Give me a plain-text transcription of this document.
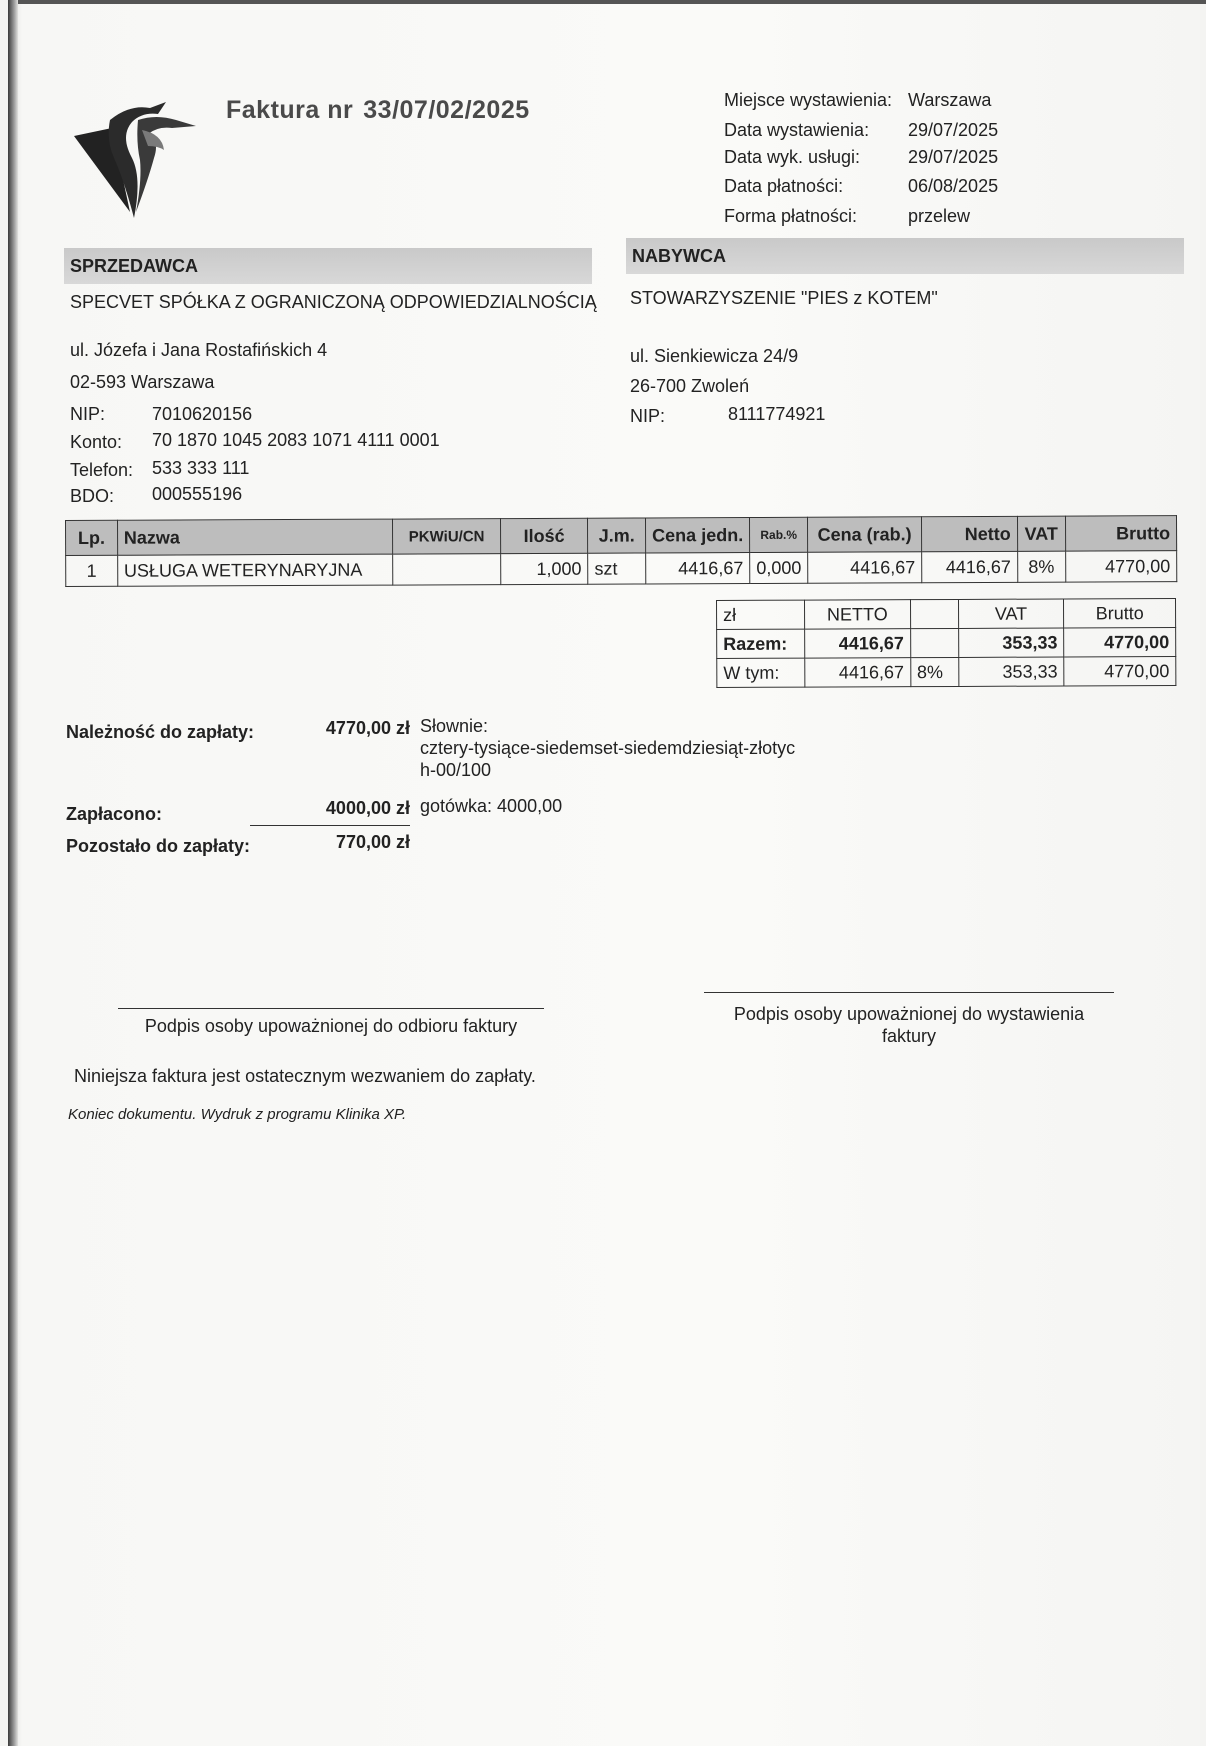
Faktura nr 33/07/02/2025	Miejsce wystawienia: Warszawa
Data wystawienia:	29/07/2025
Data wyk. usługi:	29/07/2025
Data płatności:	06/08/2025
Forma płatności:	przelew
SPRZEDAWCA
SPECVET SPÓŁKA Z OGRANICZONĄ ODPOWIEDZIALNOŚCIĄ
ul. Józefa i Jana Rostafińskich 4
02-593 Warszawa
NIP:	7010620156
Konto: 70 1870 1045 2083 1071 4111 0001
Telefon: 533 333 111
BDO: 000555196
NABYWCA
STOWARZYSZENIE "PIES z KOTEM"
ul. Sienkiewicza 24/9
26-700 Zwoleń
NIP:	8111774921
Lp.	Nazwa	PKWiU/CN	Ilość	J.m.	Cena jedn.	Rab.%	Cena (rab.)	Netto	VAT	Brutto
1	USŁUGA WETERYNARYJNA		1,000	szt	4416,67	0,000	4416,67	4416,67	8%	4770,00
zł	NETTO		VAT	Brutto
Razem:	4416,67		353,33	4770,00
W tym:	4416,67	8%	353,33	4770,00
Należność do zapłaty:	4770,00 zł Słownie:
cztery-tysiące-siedemset-siedemdziesiąt-złotyc
h-00/100
Zapłacono:	4000,00 zł gotówka: 4000,00
Pozostało do zapłaty:	770,00 zł
Podpis osoby upoważnionej do odbioru faktury
Podpis osoby upoważnionej do wystawienia
faktury
Niniejsza faktura jest ostatecznym wezwaniem do zapłaty.
Koniec dokumentu. Wydruk z programu Klinika XP.
